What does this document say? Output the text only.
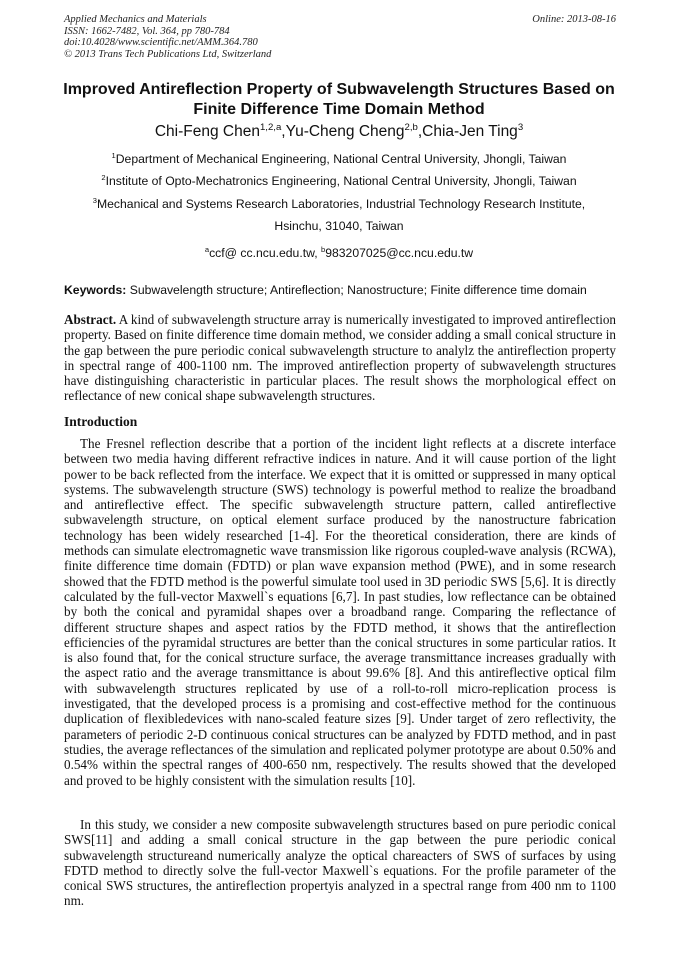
Applied Mechanics and Materials
ISSN: 1662-7482, Vol. 364, pp 780-784
doi:10.4028/www.scientific.net/AMM.364.780
© 2013 Trans Tech Publications Ltd, Switzerland
Online: 2013-08-16
Improved Antireflection Property of Subwavelength Structures Based on
Finite Difference Time Domain Method
Chi-Feng Chen$^{1,2,a}$,Yu-Cheng Cheng$^{2,b}$,Chia-Jen Ting$^3$
$^1$Department of Mechanical Engineering, National Central University, Jhongli, Taiwan
$^2$Institute of Opto-Mechatronics Engineering, National Central University, Jhongli, Taiwan
$^3$Mechanical and Systems Research Laboratories, Industrial Technology Research Institute,
Hsinchu, 31040, Taiwan
$^a$ccf@ cc.ncu.edu.tw, $^b$983207025@cc.ncu.edu.tw
Keywords: Subwavelength structure; Antireflection; Nanostructure; Finite difference time domain
Abstract. A kind of subwavelength structure array is numerically investigated to improved antireflection property. Based on finite difference time domain method, we consider adding a small conical structure in the gap between the pure periodic conical subwavelength structure to analylz the antireflection property in spectral range of 400-1100 nm. The improved antireflection property of subwavelength structures have distinguishing characteristic in particular places. The result shows the morphological effect on reflectance of new conical shape subwavelength structures.
Introduction
The Fresnel reflection describe that a portion of the incident light reflects at a discrete interface between two media having different refractive indices in nature. And it will cause portion of the light power to be back reflected from the interface. We expect that it is omitted or suppressed in many optical systems. The subwavelength structure (SWS) technology is powerful method to realize the broadband and antireflective effect. The specific subwavelength structure pattern, called antireflective subwavelength structure, on optical element surface produced by the nanostructure fabrication technology has been widely researched [1-4]. For the theoretical consideration, there are kinds of methods can simulate electromagnetic wave transmission like rigorous coupled-wave analysis (RCWA), finite difference time domain (FDTD) or plan wave expansion method (PWE), and in some research showed that the FDTD method is the powerful simulate tool used in 3D periodic SWS [5,6]. It is directly calculated by the full-vector Maxwell`s equations [6,7]. In past studies, low reflectance can be obtained by both the conical and pyramidal shapes over a broadband range. Comparing the reflectance of different structure shapes and aspect ratios by the FDTD method, it shows that the antireflection efficiencies of the pyramidal structures are better than the conical structures in some particular ratios. It is also found that, for the conical structure surface, the average transmittance increases gradually with the aspect ratio and the average transmittance is about 99.6% [8]. And this antireflective optical film with subwavelength structures replicated by use of a roll-to-roll micro-replication process is investigated, that the developed process is a promising and cost-effective method for the continuous duplication of flexibledevices with nano-scaled feature sizes [9]. Under target of zero reflectivity, the parameters of periodic 2-D continuous conical structures can be analyzed by FDTD method, and in past studies, the average reflectances of the simulation and replicated polymer prototype are about 0.50% and 0.54% within the spectral ranges of 400-650 nm, respectively. The results showed that the developed and proved to be highly consistent with the simulation results [10].
In this study, we consider a new composite subwavelength structures based on pure periodic conical SWS[11] and adding a small conical structure in the gap between the pure periodic conical subwavelength structureand numerically analyze the optical chareacters of SWS of surfaces by using FDTD method to directly solve the full-vector Maxwell`s equations. For the profile parameter of the conical SWS structures, the antireflection propertyis analyzed in a spectral range from 400 nm to 1100 nm.
